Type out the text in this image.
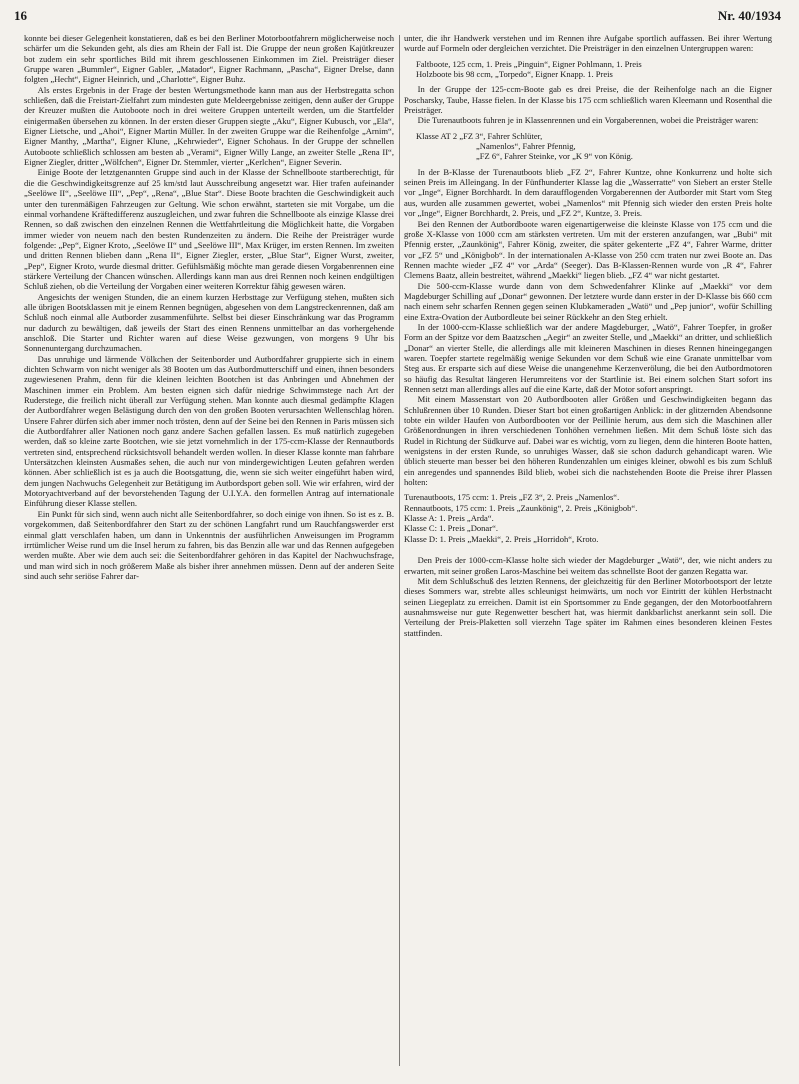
16	Nr. 40/1934

konnte bei dieser Gelegenheit konstatieren, daß es bei den Berliner Motorbootfahrern möglicherweise noch schärfer um die Sekunden geht, als dies am Rhein der Fall ist. Die Gruppe der neun großen Kajütkreuzer bot zudem ein sehr sportliches Bild mit ihrem geschlossenen Einkommen im Ziel. Preisträger dieser Gruppe waren „Bummler“, Eigner Gabler, „Matador“, Eigner Rachmann, „Pascha“, Eigner Drelse, dann folgten „Hecht“, Eigner Heinrich, und „Charlotte“, Eigner Buhz.

Als erstes Ergebnis in der Frage der besten Wertungsmethode kann man aus der Herbstregatta schon schließen, daß die Freistart-Zielfahrt zum mindesten gute Meldeergebnisse zeitigen, denn außer der Gruppe der Kreuzer mußten die Autoboote noch in drei weitere Gruppen unterteilt werden, um die Startfelder einigermaßen übersehen zu können. In der ersten dieser Gruppen siegte „Aku“, Eigner Kubusch, vor „Ela“, Eigner Lietsche, und „Ahoi“, Eigner Martin Müller. In der zweiten Gruppe war die Reihenfolge „Arnim“, Eigner Manthy, „Martha“, Eigner Klune, „Kehrwieder“, Eigner Schohaus. In der Gruppe der schnellen Autoboote schließlich schlossen am besten ab „Verami“, Eigner Willy Lange, an zweiter Stelle „Rena II“, Eigner Ziegler, dritter „Wölfchen“, Eigner Dr. Stemmler, vierter „Kerlchen“, Eigner Severin.

Einige Boote der letztgenannten Gruppe sind auch in der Klasse der Schnellboote startberechtigt, für die die Geschwindigkeitsgrenze auf 25 km/std laut Ausschreibung angesetzt war. Hier trafen aufeinander „Seelöwe II“, „Seelöwe III“, „Pep“, „Rena“, „Blue Star“. Diese Boote brachten die Geschwindigkeit auch unter den turenmäßigen Fahrzeugen zur Geltung. Wie schon erwähnt, starteten sie mit Vorgabe, um die einmal vorhandene Kräftedifferenz auszugleichen, und zwar fuhren die Schnellboote als einzige Klasse drei Rennen, so daß zwischen den einzelnen Rennen die Wettfahrtleitung die Möglichkeit hatte, die Vorgaben immer wieder von neuem nach den besten Rundenzeiten zu ändern. Die Reihe der Preisträger wurde folgende: „Pep“, Eigner Kroto, „Seelöwe II“ und „Seelöwe III“, Max Krüger, im ersten Rennen. Im zweiten und dritten Rennen blieben dann „Rena II“, Eigner Ziegler, erster, „Blue Star“, Eigner Wurst, zweiter, „Pep“, Eigner Kroto, wurde diesmal dritter. Gefühlsmäßig möchte man gerade diesen Vorgabenrennen eine stärkere Verteilung der Chancen wünschen. Allerdings kann man aus drei Rennen noch keinen endgültigen Schluß ziehen, ob die Verteilung der Vorgaben einer weiteren Korrektur fähig gewesen wären.

Angesichts der wenigen Stunden, die an einem kurzen Herbsttage zur Verfügung stehen, mußten sich alle übrigen Bootsklassen mit je einem Rennen begnügen, abgesehen von dem Langstreckenrennen, daß am Schluß noch einmal alle Autborder zusammenführte. Selbst bei dieser Einschränkung war das Programm nur dadurch zu bewältigen, daß jeweils der Start des einen Rennens unmittelbar an das vorhergehende anschloß. Die Starter und Richter waren auf diese Weise gezwungen, von morgens 9 Uhr bis Sonnenuntergang durchzumachen.

Das unruhige und lärmende Völkchen der Seitenborder und Autbordfahrer gruppierte sich in einem dichten Schwarm von nicht weniger als 38 Booten um das Autbordmutterschiff und einen, ihnen besonders zugewiesenen Prahm, denn für die kleinen leichten Bootchen ist das Anbringen und Abnehmen der Maschinen immer ein Problem. Am besten eignen sich dafür niedrige Schwimmstege nach Art der Ruderstege, die freilich nicht überall zur Verfügung stehen. Man konnte auch diesmal gedämpfte Klagen der Autbordfahrer wegen Belästigung durch den von den großen Booten verursachten Wellenschlag hören. Unsere Fahrer dürfen sich aber immer noch trösten, denn auf der Seine bei den Rennen in Paris müssen sich die Autbordfahrer aller Nationen noch ganz andere Sachen gefallen lassen. Es muß natürlich zugegeben werden, daß so kleine zarte Bootchen, wie sie jetzt vornehmlich in der 175-ccm-Klasse der Rennautbords vertreten sind, entsprechend rücksichtsvoll behandelt werden wollen. In dieser Klasse konnte man fahrbare Untersätzchen kleinsten Ausmaßes sehen, die auch nur von mindergewichtigen Leuten gefahren werden können. Aber schließlich ist es ja auch die Bootsgattung, die, wenn sie sich weiter eingeführt haben wird, dem jungen Nachwuchs Gelegenheit zur Betätigung im Autbordsport geben soll. Wie wir erfahren, wird der Motoryachtverband auf der bevorstehenden Tagung der U.I.Y.A. den formellen Antrag auf internationale Einführung dieser Klasse stellen.

Ein Punkt für sich sind, wenn auch nicht alle Seitenbordfahrer, so doch einige von ihnen. So ist es z. B. vorgekommen, daß Seitenbordfahrer den Start zu der schönen Langfahrt rund um Rauchfangswerder erst einmal glatt verschlafen haben, um dann in Unkenntnis der ausführlichen Anweisungen im Programm irrtümlicher Weise rund um die Insel herum zu fahren, bis das Benzin alle war und das Rennen aufgegeben werden mußte. Aber wie dem auch sei: die Seitenbordfahrer gehören in das Kapitel der Nachwuchsfrage, und man wird sich in noch größerem Maße als bisher ihrer annehmen müssen. Denn auf der anderen Seite sind auch sehr seriöse Fahrer dar-

unter, die ihr Handwerk verstehen und im Rennen ihre Aufgabe sportlich auffassen. Bei ihrer Wertung wurde auf Formeln oder dergleichen verzichtet. Die Preisträger in den einzelnen Untergruppen waren:

Faltboote, 125 ccm, 1. Preis „Pinguin“, Eigner Pohlmann, 1. Preis
Holzboote bis 98 ccm, „Torpedo“, Eigner Knapp. 1. Preis

In der Gruppe der 125-ccm-Boote gab es drei Preise, die der Reihenfolge nach an die Eigner Poscharsky, Taube, Hasse fielen. In der Klasse bis 175 ccm schließlich waren Kleemann und Rosenthal die Preisträger.

Die Turenautboots fuhren je in Klassenrennen und ein Vorgaberennen, wobei die Preisträger waren:

Klasse AT 2 „FZ 3“, Fahrer Schlüter,
„Namenlos“, Fahrer Pfennig,
„FZ 6“, Fahrer Steinke, vor „K 9“ von König.

In der B-Klasse der Turenautboots blieb „FZ 2“, Fahrer Kuntze, ohne Konkurrenz und holte sich seinen Preis im Alleingang. In der Fünfhunderter Klasse lag die „Wasserratte“ von Siebert an erster Stelle vor „Inge“, Eigner Borchhardt. In dem daraufflogenden Vorgaberennen der Autborder mit Start vom Steg aus, wurden alle zusammen gewertet, wobei „Namenlos“ mit Pfennig sich wieder den ersten Preis holte vor „Inge“, Eigner Borchhardt, 2. Preis, und „FZ 2“, Kuntze, 3. Preis.

Bei den Rennen der Autbordboote waren eigenartigerweise die kleinste Klasse von 175 ccm und die große X-Klasse von 1000 ccm am stärksten vertreten. Um mit der ersteren anzufangen, war „Bubi“ mit Pfennig erster, „Zaunkönig“, Fahrer König, zweiter, die später gekenterte „FZ 4“, Fahrer Warme, dritter vor „FZ 5“ und „Königbob“. In der internationalen A-Klasse von 250 ccm traten nur zwei Boote an. Das Rennen machte wieder „FZ 4“ vor „Arda“ (Seeger). Das B-Klassen-Rennen wurde von „R 4“, Fahrer Clemens Baatz, allein bestreitet, während „Maekki“ liegen blieb. „FZ 4“ war nicht gestartet.

Die 500-ccm-Klasse wurde dann von dem Schwedenfahrer Klinke auf „Maekki“ vor dem Magdeburger Schilling auf „Donar“ gewonnen. Der letztere wurde dann erster in der D-Klasse bis 660 ccm nach einem sehr scharfen Rennen gegen seinen Klubkameraden „Watö“ und „Pep junior“, wofür Schilling eine Extra-Ovation der Autbordleute bei seiner Rückkehr an den Steg erhielt.

In der 1000-ccm-Klasse schließlich war der andere Magdeburger, „Watö“, Fahrer Toepfer, in großer Form an der Spitze vor dem Baatzschen „Aegir“ an zweiter Stelle, und „Maekki“ an dritter, und schließlich „Donar“ an vierter Stelle, die allerdings alle mit kleineren Maschinen in dieses Rennen hineingegangen waren. Toepfer startete regelmäßig wenige Sekunden vor dem Schuß wie eine Granate unmittelbar vom Steg aus. Er ersparte sich auf diese Weise die unangenehme Kerzenverölung, die bei den Autbordmotoren so häufig das Resultat längeren Herumreitens vor der Startlinie ist. Bei einem solchen Start sofort ins Rennen setzt man allerdings alles auf die eine Karte, daß der Motor sofort anspringt.

Mit einem Massenstart von 20 Autbordbooten aller Größen und Geschwindigkeiten begann das Schlußrennen über 10 Runden. Dieser Start bot einen großartigen Anblick: in der glitzernden Abendsonne tobte ein wilder Haufen von Autbordbooten vor der Peillinie herum, aus dem sich die Maschinen aller Größenordnungen in ihren verschiedenen Tonhöhen vernehmen ließen. Mit dem Schuß löste sich das Rudel in Richtung der Südkurve auf. Dabei war es wichtig, vorn zu liegen, denn die hinteren Boote hatten, wenigstens in der ersten Runde, so unruhiges Wasser, daß sie schon dadurch gehandicapt waren. Wie üblich steuerte man besser bei den höheren Rundenzahlen um einiges kleiner, obwohl es bis zum Schluß ein anregendes und spannendes Bild blieb, wobei sich die nachstehenden Boote die Preise ihrer Plassen holten:

Turenautboots, 175 ccm: 1. Preis „FZ 3“, 2. Preis „Namenlos“.
Rennautboots, 175 ccm: 1. Preis „Zaunkönig“, 2. Preis „Königbob“.
Klasse A: 1. Preis „Arda“.
Klasse C: 1. Preis „Donar“.
Klasse D: 1. Preis „Maekki“, 2. Preis „Horridoh“, Kroto.

Den Preis der 1000-ccm-Klasse holte sich wieder der Magdeburger „Watö“, der, wie nicht anders zu erwarten, mit seiner großen Laros-Maschine bei weitem das schnellste Boot der ganzen Regatta war.

Mit dem Schlußschuß des letzten Rennens, der gleichzeitig für den Berliner Motorbootsport der letzte dieses Sommers war, strebte alles schleunigst heimwärts, um noch vor Eintritt der kühlen Herbstnacht seinen Liegeplatz zu erreichen. Damit ist ein Sportsommer zu Ende gegangen, der den Motorbootfahrern ausnahmsweise nur gute Regenwetter beschert hat, was hiermit dankbarlichst anerkannt sein soll. Die Verteilung der Preis-Plaketten soll vierzehn Tage später im Rahmen eines besonderen kleinen Festes stattfinden.
